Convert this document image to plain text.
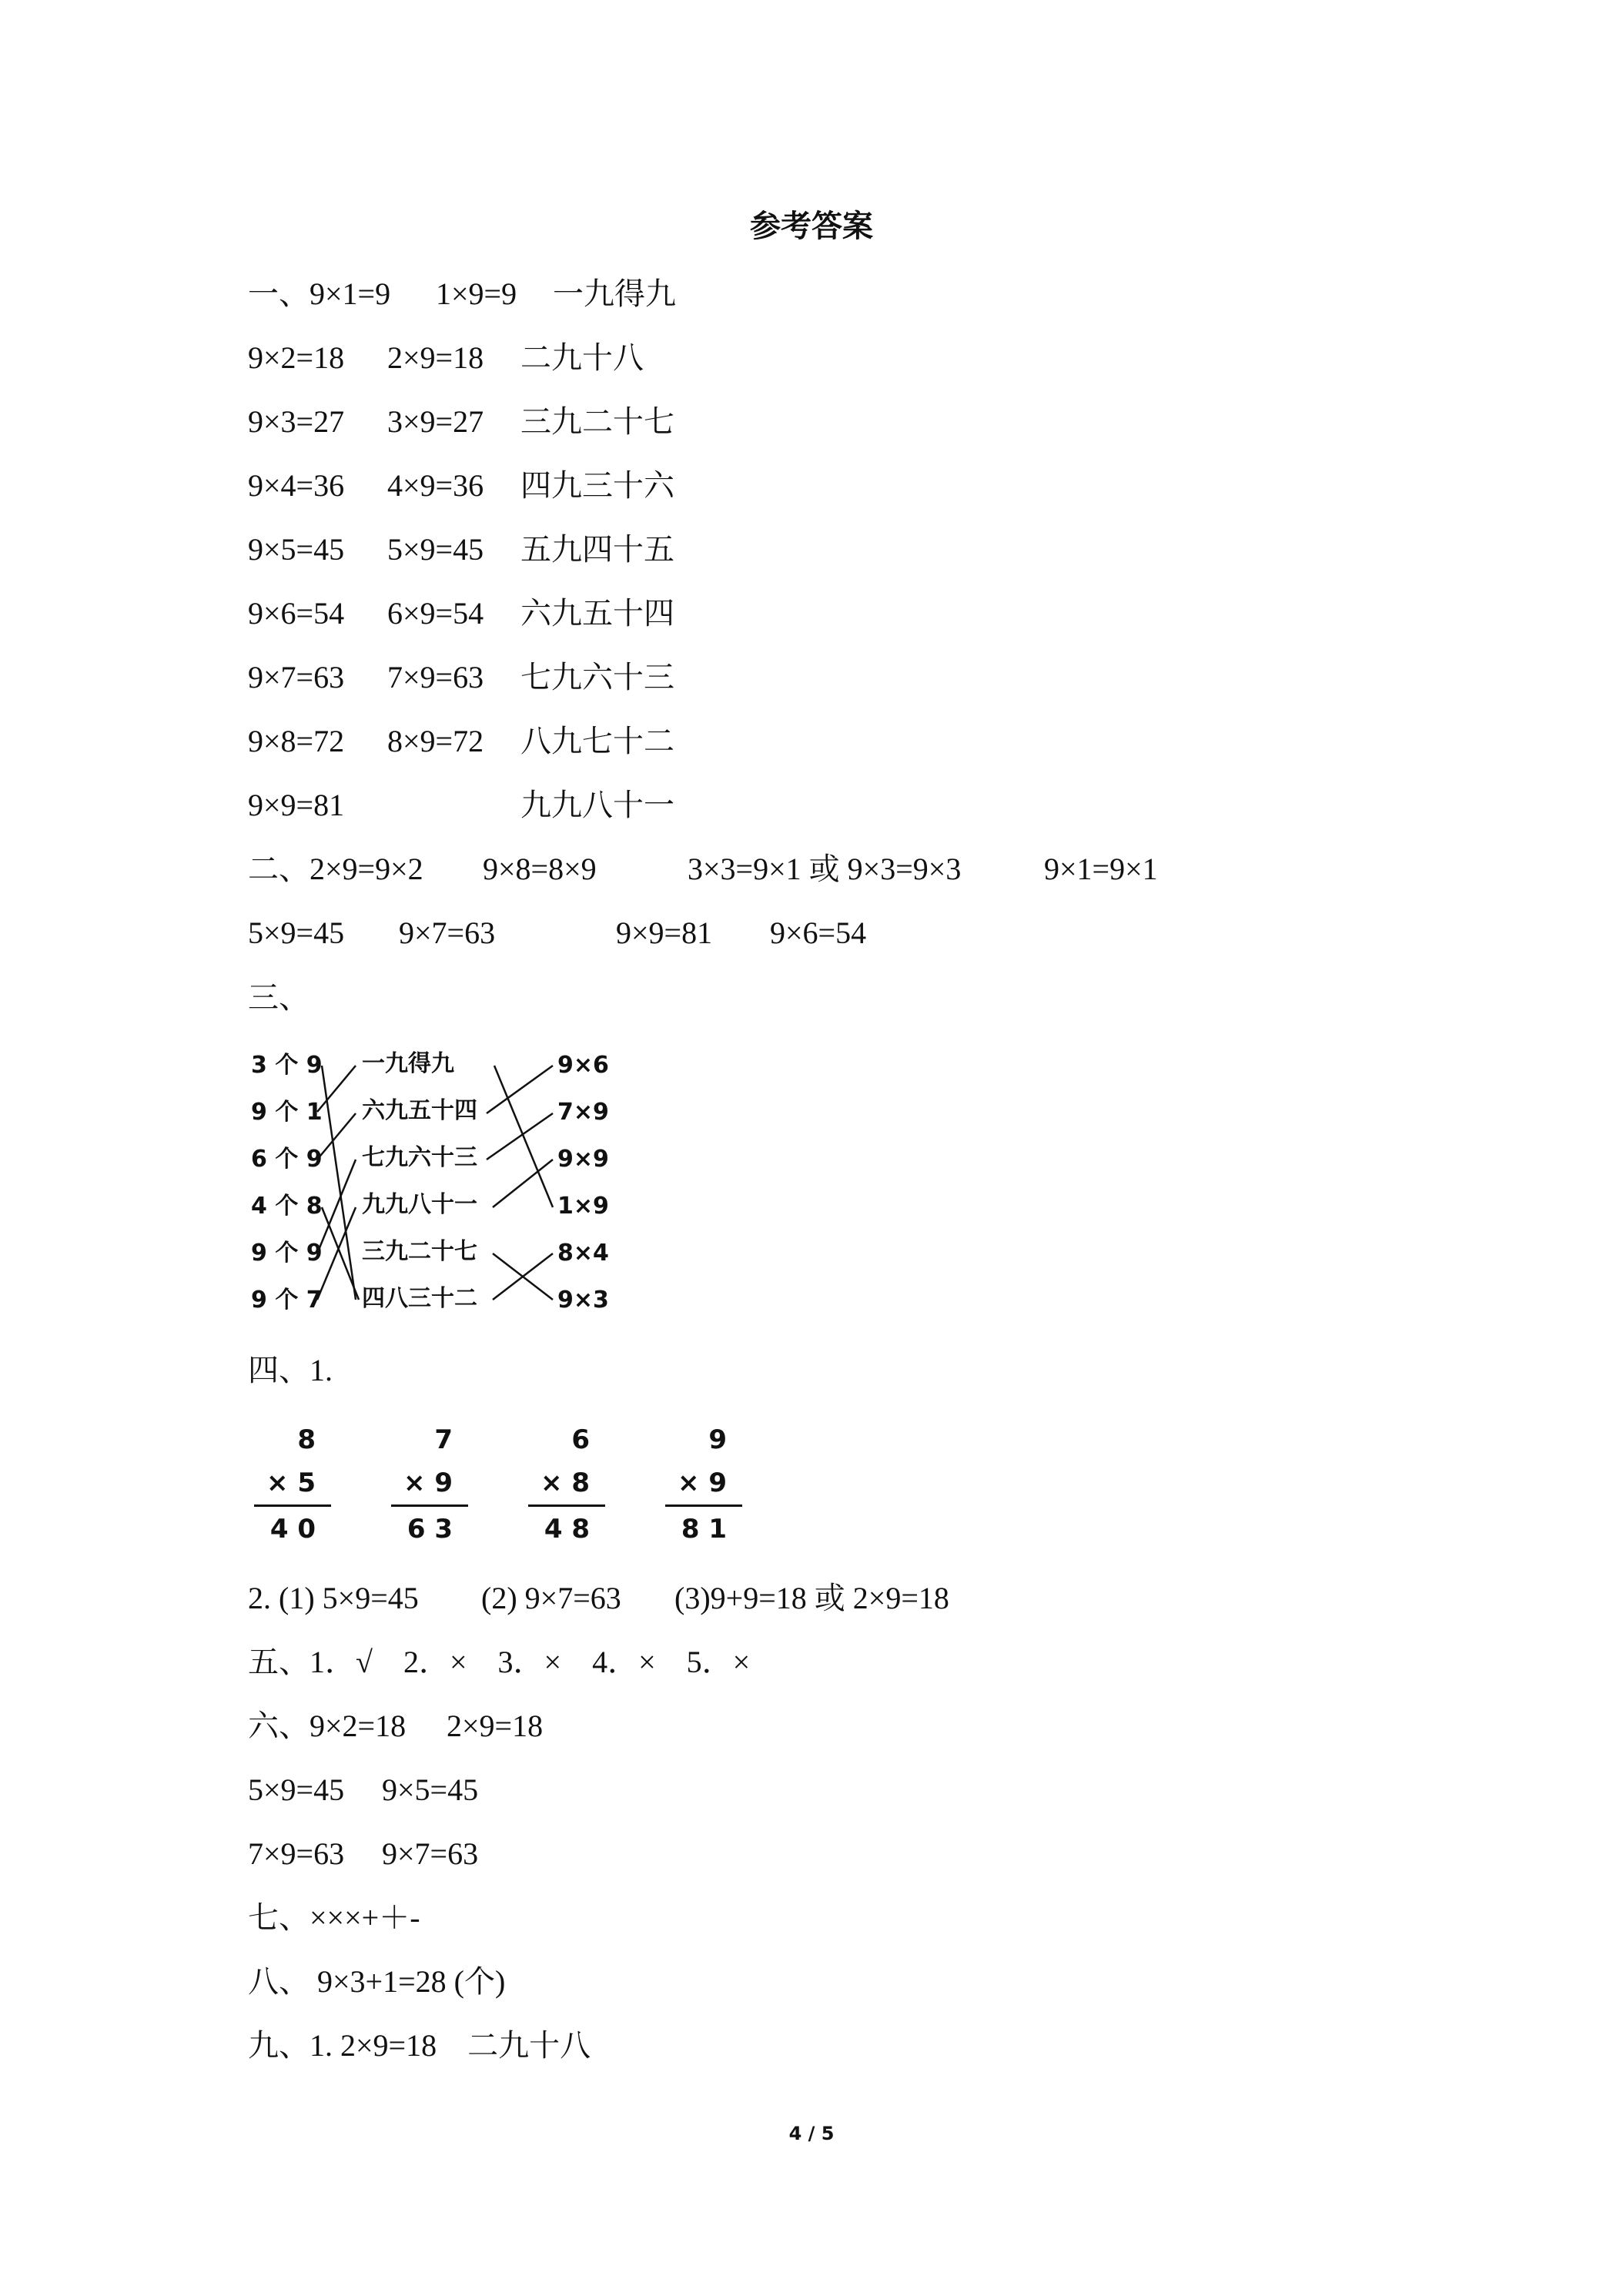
参考答案
一、9×1=9 1×9=9 一九得九
9×2=18 2×9=18 二九十八
9×3=27 3×9=27 三九二十七
9×4=36 4×9=36 四九三十六
9×5=45 5×9=45 五九四十五
9×6=54 6×9=54 六九五十四
9×7=63 7×9=63 七九六十三
9×8=72 8×9=72 八九七十二
9×9=81	九九八十一
二、2×9=9×2 9×8=8×9	3×3=9×1 或 9×3=9×3	9×1=9×1
5×9=45 9×7=63	9×9=81 9×6=54
三、
3 个 9
9 个 1
6 个 9
4 个 8
9 个 9
9 个 7
一九得九
六九五十四
七九六十三
九九八十一
三九二十七
四八三十二
9×6
7×9
9×9
1×9
8×4
9×3
四、1.
8
× 5
4 0
7
× 9
6 3
6
× 8
4 8
9
× 9
8 1
2. (1) 5×9=45 (2) 9×7=63 (3)9+9=18 或 2×9=18
五、1．√　2．×　3．×　4．×　5．×
六、9×2=18 2×9=18
5×9=45 9×5=45
7×9=63 9×7=63
七、×××+＋-
八、 9×3+1=28 (个)
九、1. 2×9=18　二九十八
4 / 5
